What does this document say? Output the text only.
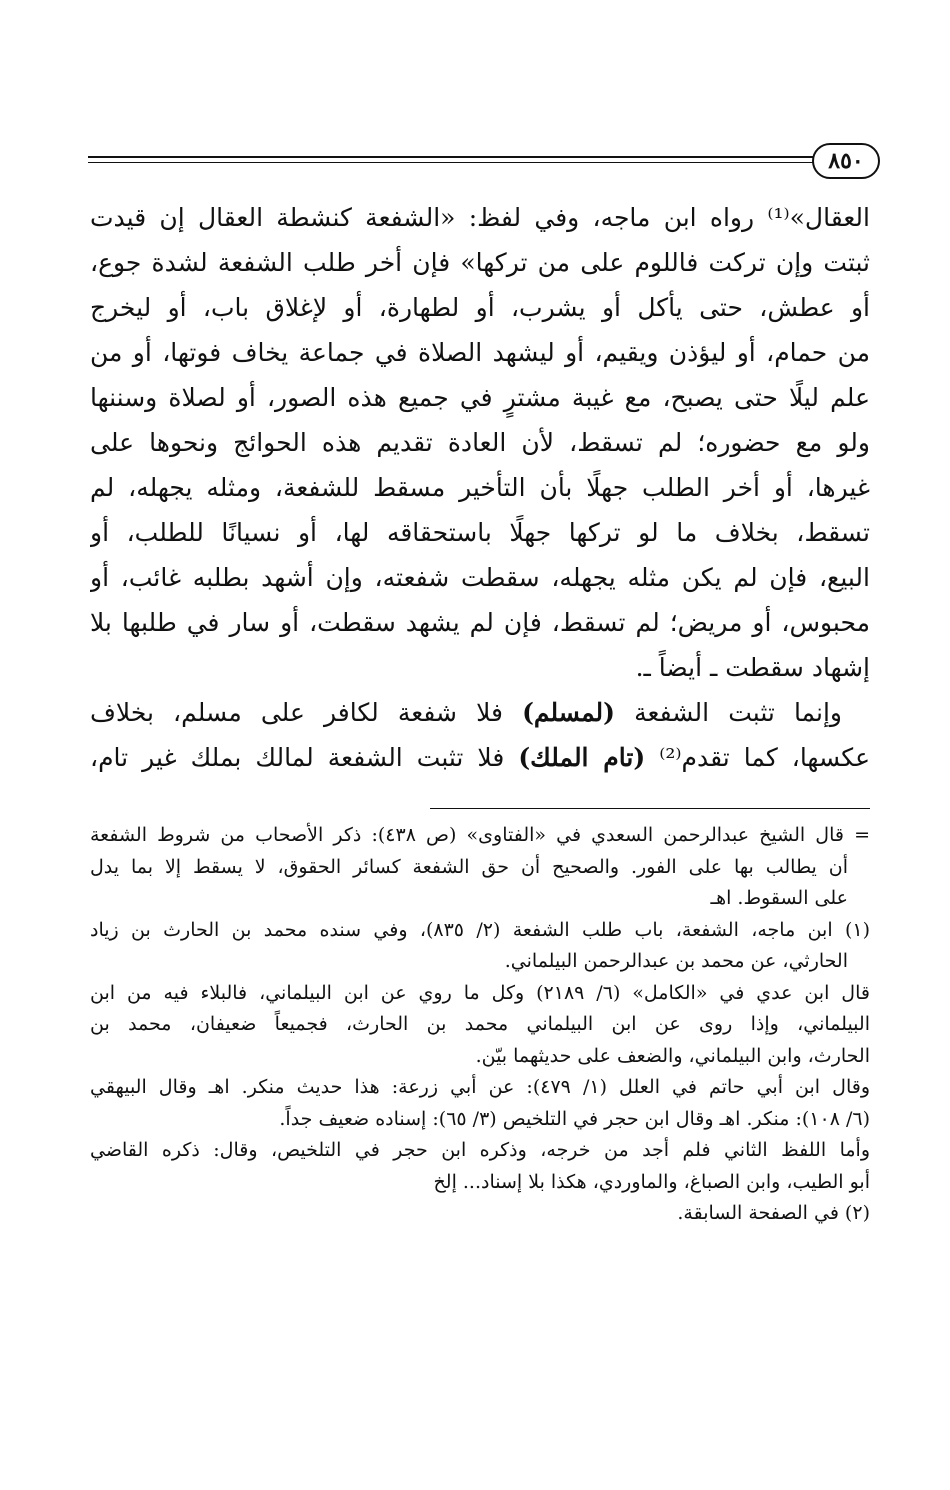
٨٥٠
العقال»⁽¹⁾ رواه ابن ماجه، وفي لفظ: «الشفعة كنشطة العقال إن قيدت
ثبتت وإن تركت فاللوم على من تركها» فإن أخر طلب الشفعة لشدة جوع،
أو عطش، حتى يأكل أو يشرب، أو لطهارة، أو لإغلاق باب، أو ليخرج
من حمام، أو ليؤذن ويقيم، أو ليشهد الصلاة في جماعة يخاف فوتها، أو من
علم ليلًا حتى يصبح، مع غيبة مشترٍ في جميع هذه الصور، أو لصلاة وسننها
ولو مع حضوره؛ لم تسقط، لأن العادة تقديم هذه الحوائج ونحوها على
غيرها، أو أخر الطلب جهلًا بأن التأخير مسقط للشفعة، ومثله يجهله، لم
تسقط، بخلاف ما لو تركها جهلًا باستحقاقه لها، أو نسيانًا للطلب، أو
البيع، فإن لم يكن مثله يجهله، سقطت شفعته، وإن أشهد بطلبه غائب، أو
محبوس، أو مريض؛ لم تسقط، فإن لم يشهد سقطت، أو سار في طلبها بلا
إشهاد سقطت ـ أيضاً ـ.
وإنما تثبت الشفعة (لمسلم) فلا شفعة لكافر على مسلم، بخلاف
عكسها، كما تقدم⁽²⁾ (تام الملك) فلا تثبت الشفعة لمالك بملك غير تام،
= قال الشيخ عبدالرحمن السعدي في «الفتاوى» (ص ٤٣٨): ذكر الأصحاب من شروط الشفعة
أن يطالب بها على الفور. والصحيح أن حق الشفعة كسائر الحقوق، لا يسقط إلا بما يدل
على السقوط. اهـ
(١) ابن ماجه، الشفعة، باب طلب الشفعة (٢/ ٨٣٥)، وفي سنده محمد بن الحارث بن زياد
الحارثي، عن محمد بن عبدالرحمن البيلماني.
قال ابن عدي في «الكامل» (٦/ ٢١٨٩) وكل ما روي عن ابن البيلماني، فالبلاء فيه من ابن
البيلماني، وإذا روى عن ابن البيلماني محمد بن الحارث، فجميعاً ضعيفان، محمد بن
الحارث، وابن البيلماني، والضعف على حديثهما بيّن.
وقال ابن أبي حاتم في العلل (١/ ٤٧٩): عن أبي زرعة: هذا حديث منكر. اهـ وقال البيهقي
(٦/ ١٠٨): منكر. اهـ وقال ابن حجر في التلخيص (٣/ ٦٥): إسناده ضعيف جداً.
وأما اللفظ الثاني فلم أجد من خرجه، وذكره ابن حجر في التلخيص، وقال: ذكره القاضي
أبو الطيب، وابن الصباغ، والماوردي، هكذا بلا إسناد... إلخ
(٢) في الصفحة السابقة.
